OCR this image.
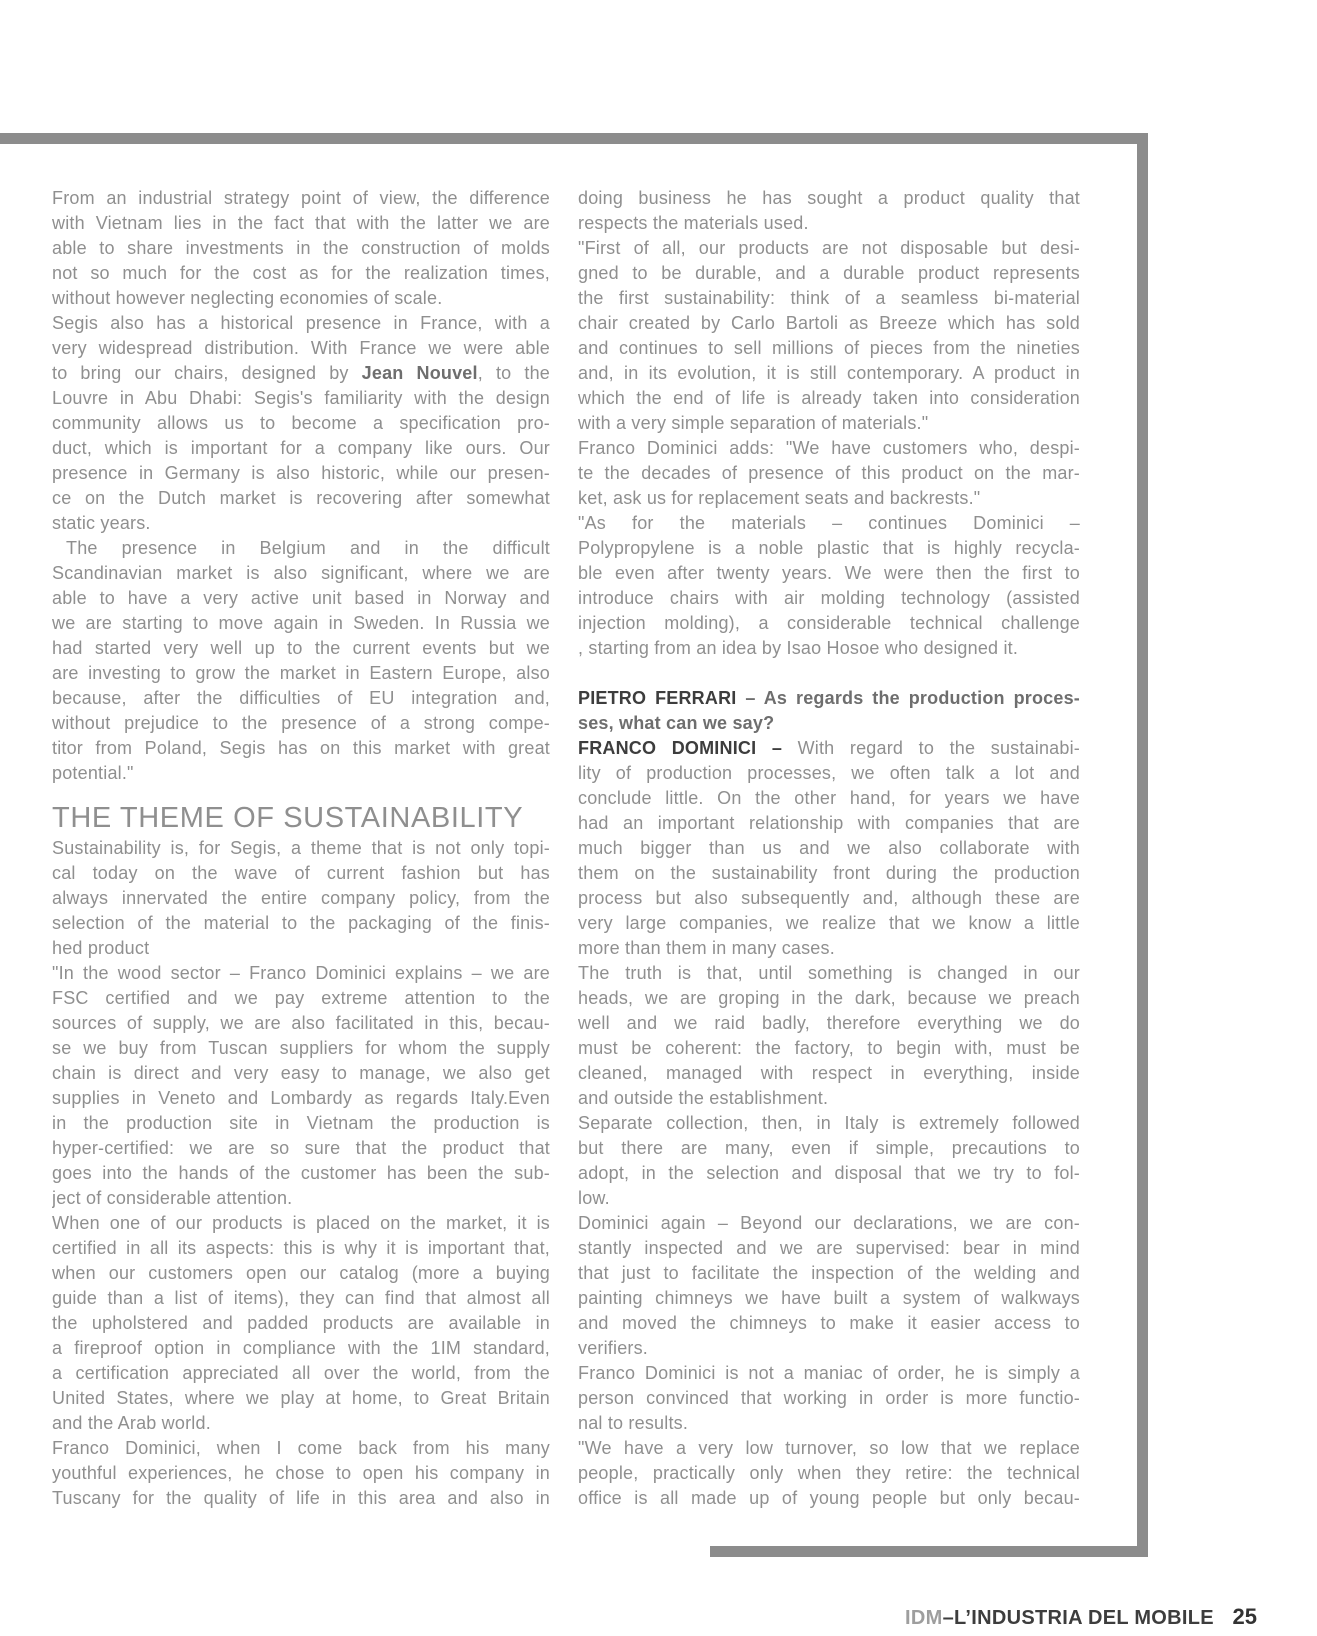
From an industrial strategy point of view, the difference
with Vietnam lies in the fact that with the latter we are
able to share investments in the construction of molds
not so much for the cost as for the realization times,
without however neglecting economies of scale.
Segis also has a historical presence in France, with a
very widespread distribution. With France we were able
to bring our chairs, designed by Jean Nouvel, to the
Louvre in Abu Dhabi: Segis's familiarity with the design
community allows us to become a specification pro-
duct, which is important for a company like ours. Our
presence in Germany is also historic, while our presen-
ce on the Dutch market is recovering after somewhat
static years.
The presence in Belgium and in the difficult
Scandinavian market is also significant, where we are
able to have a very active unit based in Norway and
we are starting to move again in Sweden. In Russia we
had started very well up to the current events but we
are investing to grow the market in Eastern Europe, also
because, after the difficulties of EU integration and,
without prejudice to the presence of a strong compe-
titor from Poland, Segis has on this market with great
potential."
THE THEME OF SUSTAINABILITY
Sustainability is, for Segis, a theme that is not only topi-
cal today on the wave of current fashion but has
always innervated the entire company policy, from the
selection of the material to the packaging of the finis-
hed product
"In the wood sector – Franco Dominici explains – we are
FSC certified and we pay extreme attention to the
sources of supply, we are also facilitated in this, becau-
se we buy from Tuscan suppliers for whom the supply
chain is direct and very easy to manage, we also get
supplies in Veneto and Lombardy as regards Italy.Even
in the production site in Vietnam the production is
hyper-certified: we are so sure that the product that
goes into the hands of the customer has been the sub-
ject of considerable attention.
When one of our products is placed on the market, it is
certified in all its aspects: this is why it is important that,
when our customers open our catalog (more a buying
guide than a list of items), they can find that almost all
the upholstered and padded products are available in
a fireproof option in compliance with the 1IM standard,
a certification appreciated all over the world, from the
United States, where we play at home, to Great Britain
and the Arab world.
Franco Dominici, when I come back from his many
youthful experiences, he chose to open his company in
Tuscany for the quality of life in this area and also in
doing business he has sought a product quality that
respects the materials used.
"First of all, our products are not disposable but desi-
gned to be durable, and a durable product represents
the first sustainability: think of a seamless bi-material
chair created by Carlo Bartoli as Breeze which has sold
and continues to sell millions of pieces from the nineties
and, in its evolution, it is still contemporary. A product in
which the end of life is already taken into consideration
with a very simple separation of materials."
Franco Dominici adds: "We have customers who, despi-
te the decades of presence of this product on the mar-
ket, ask us for replacement seats and backrests."
"As for the materials – continues Dominici –
Polypropylene is a noble plastic that is highly recycla-
ble even after twenty years. We were then the first to
introduce chairs with air molding technology (assisted
injection molding), a considerable technical challenge
, starting from an idea by Isao Hosoe who designed it.
PIETRO FERRARI – As regards the production proces-
ses, what can we say?
FRANCO DOMINICI – With regard to the sustainabi-
lity of production processes, we often talk a lot and
conclude little. On the other hand, for years we have
had an important relationship with companies that are
much bigger than us and we also collaborate with
them on the sustainability front during the production
process but also subsequently and, although these are
very large companies, we realize that we know a little
more than them in many cases.
The truth is that, until something is changed in our
heads, we are groping in the dark, because we preach
well and we raid badly, therefore everything we do
must be coherent: the factory, to begin with, must be
cleaned, managed with respect in everything, inside
and outside the establishment.
Separate collection, then, in Italy is extremely followed
but there are many, even if simple, precautions to
adopt, in the selection and disposal that we try to fol-
low.
Dominici again – Beyond our declarations, we are con-
stantly inspected and we are supervised: bear in mind
that just to facilitate the inspection of the welding and
painting chimneys we have built a system of walkways
and moved the chimneys to make it easier access to
verifiers.
Franco Dominici is not a maniac of order, he is simply a
person convinced that working in order is more functio-
nal to results.
"We have a very low turnover, so low that we replace
people, practically only when they retire: the technical
office is all made up of young people but only becau-
IDM–L’INDUSTRIA DEL MOBILE 25
